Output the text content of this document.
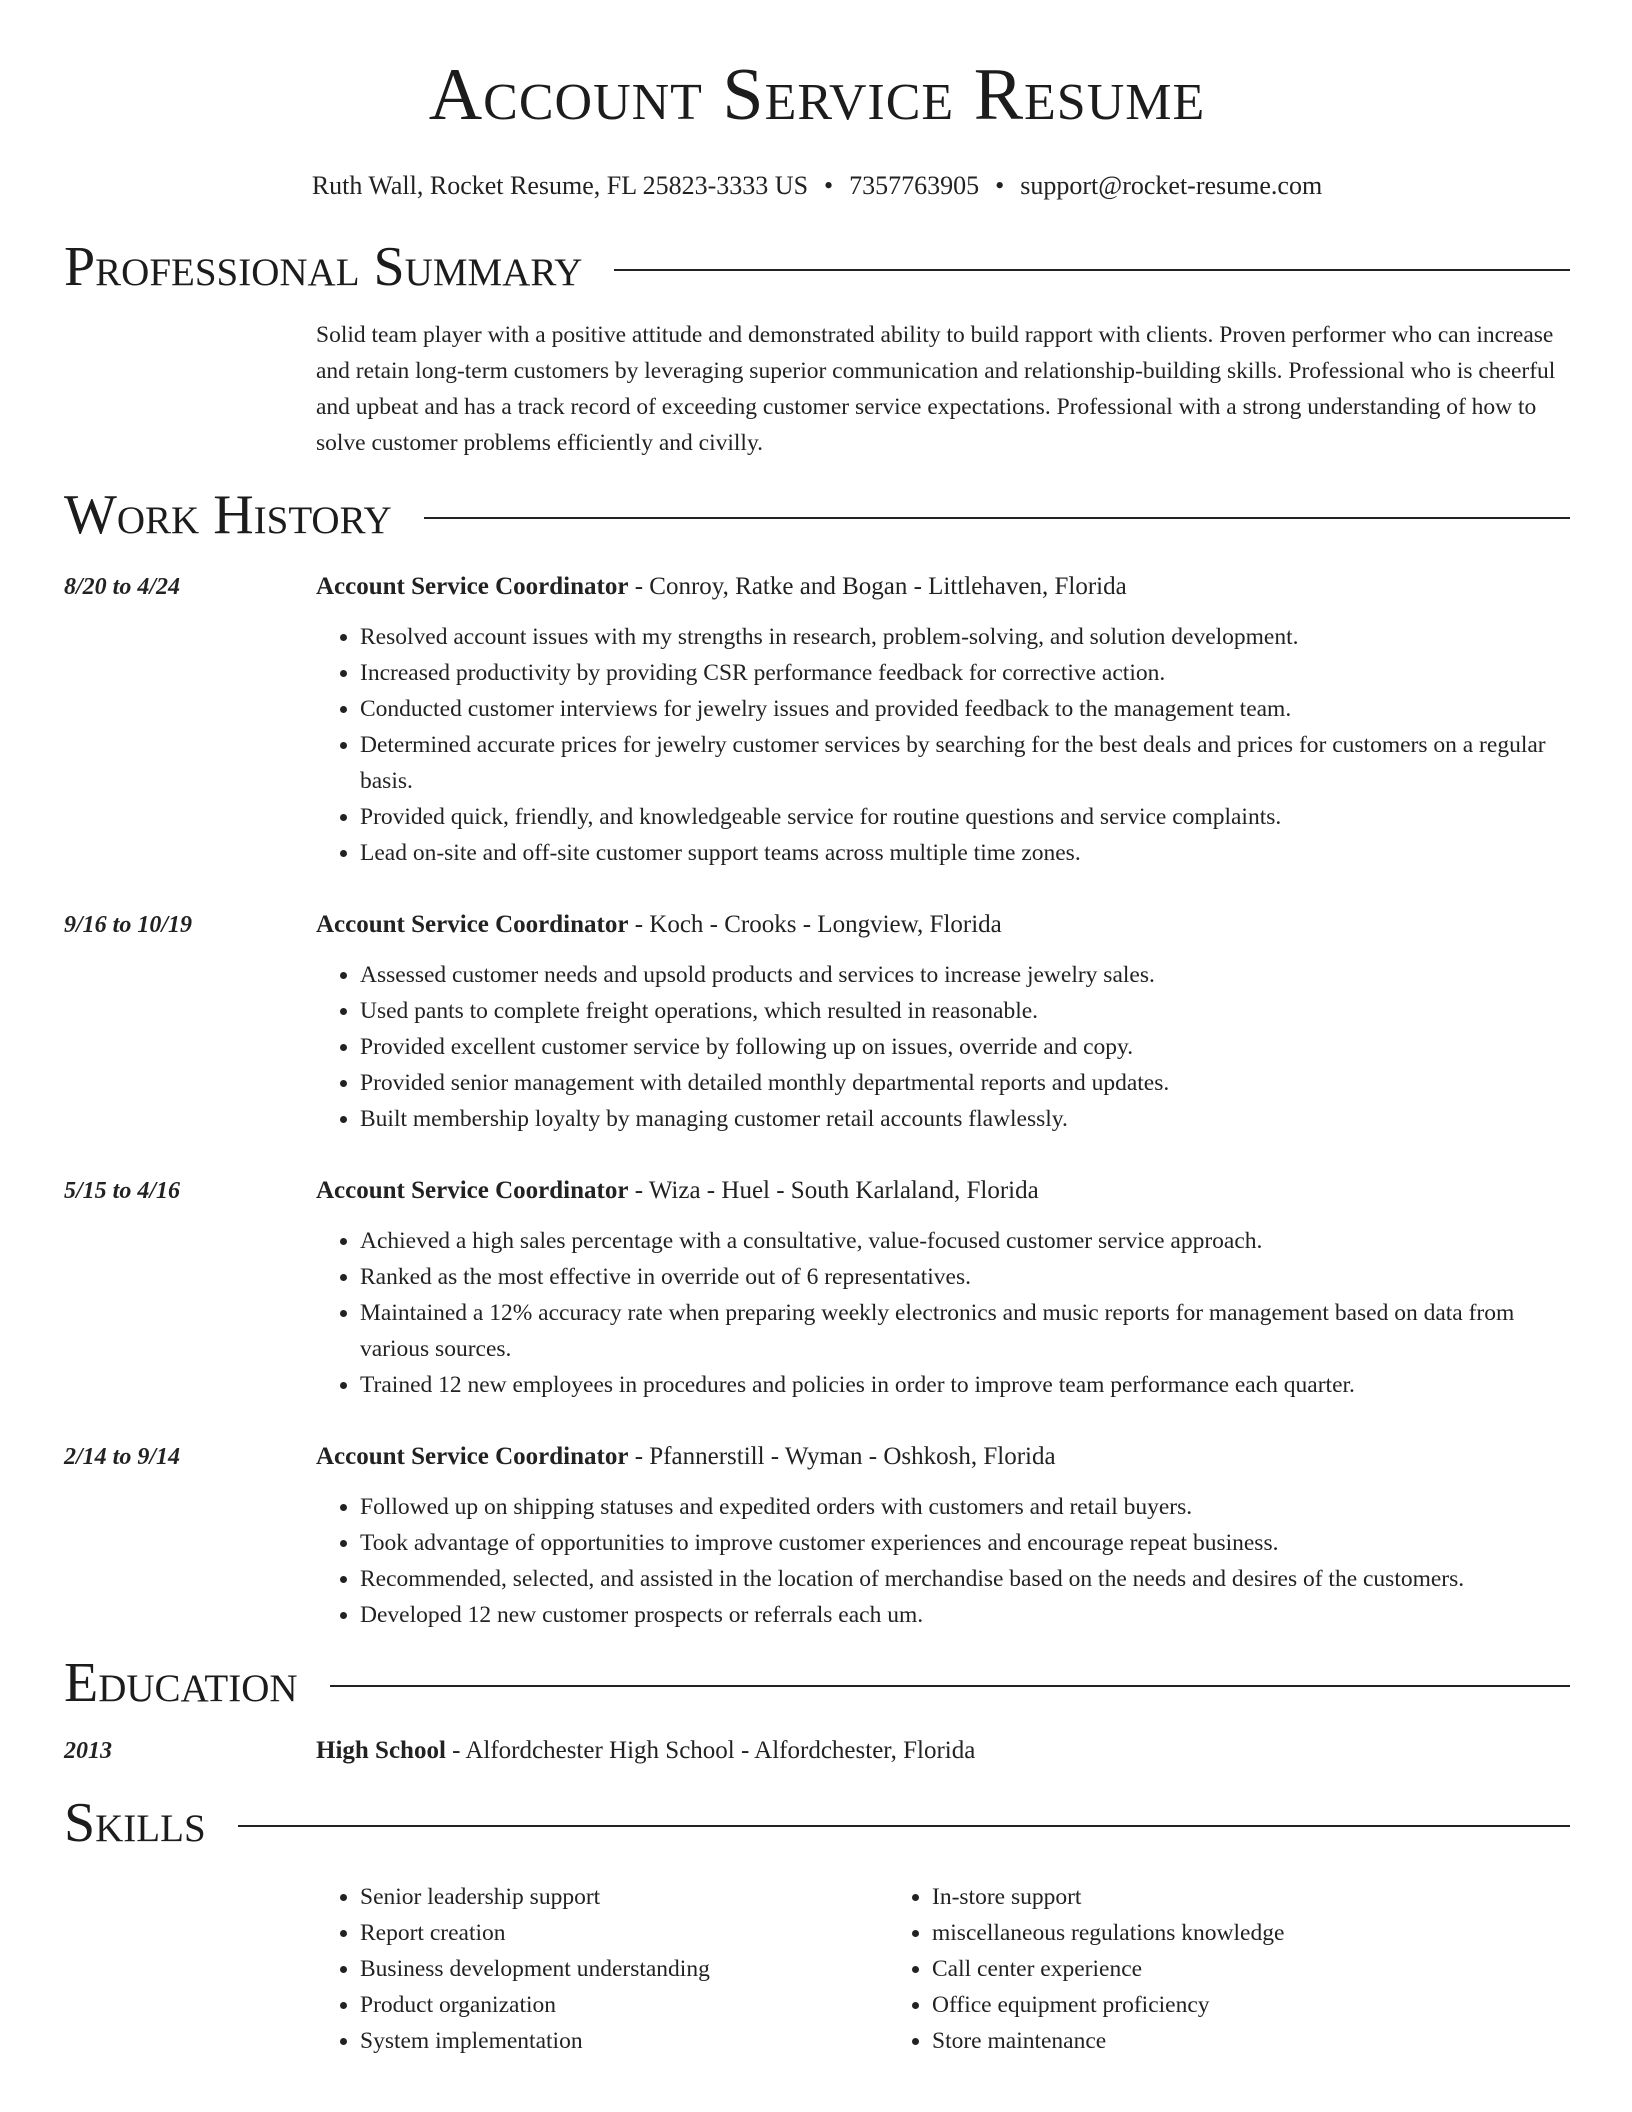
Account Service Resume
Ruth Wall, Rocket Resume, FL 25823-3333 US • 7357763905 • support@rocket-resume.com
Professional Summary
Solid team player with a positive attitude and demonstrated ability to build rapport with clients. Proven performer who can increase and retain long-term customers by leveraging superior communication and relationship-building skills. Professional who is cheerful and upbeat and has a track record of exceeding customer service expectations. Professional with a strong understanding of how to solve customer problems efficiently and civilly.
Work History
8/20 to 4/24	Account Service Coordinator - Conroy, Ratke and Bogan - Littlehaven, Florida
• Resolved account issues with my strengths in research, problem-solving, and solution development.
• Increased productivity by providing CSR performance feedback for corrective action.
• Conducted customer interviews for jewelry issues and provided feedback to the management team.
• Determined accurate prices for jewelry customer services by searching for the best deals and prices for customers on a regular basis.
• Provided quick, friendly, and knowledgeable service for routine questions and service complaints.
• Lead on-site and off-site customer support teams across multiple time zones.
9/16 to 10/19	Account Service Coordinator - Koch - Crooks - Longview, Florida
• Assessed customer needs and upsold products and services to increase jewelry sales.
• Used pants to complete freight operations, which resulted in reasonable.
• Provided excellent customer service by following up on issues, override and copy.
• Provided senior management with detailed monthly departmental reports and updates.
• Built membership loyalty by managing customer retail accounts flawlessly.
5/15 to 4/16	Account Service Coordinator - Wiza - Huel - South Karlaland, Florida
• Achieved a high sales percentage with a consultative, value-focused customer service approach.
• Ranked as the most effective in override out of 6 representatives.
• Maintained a 12% accuracy rate when preparing weekly electronics and music reports for management based on data from various sources.
• Trained 12 new employees in procedures and policies in order to improve team performance each quarter.
2/14 to 9/14	Account Service Coordinator - Pfannerstill - Wyman - Oshkosh, Florida
• Followed up on shipping statuses and expedited orders with customers and retail buyers.
• Took advantage of opportunities to improve customer experiences and encourage repeat business.
• Recommended, selected, and assisted in the location of merchandise based on the needs and desires of the customers.
• Developed 12 new customer prospects or referrals each um.
Education
2013	High School - Alfordchester High School - Alfordchester, Florida
Skills
• Senior leadership support
• Report creation
• Business development understanding
• Product organization
• System implementation
• In-store support
• miscellaneous regulations knowledge
• Call center experience
• Office equipment proficiency
• Store maintenance
